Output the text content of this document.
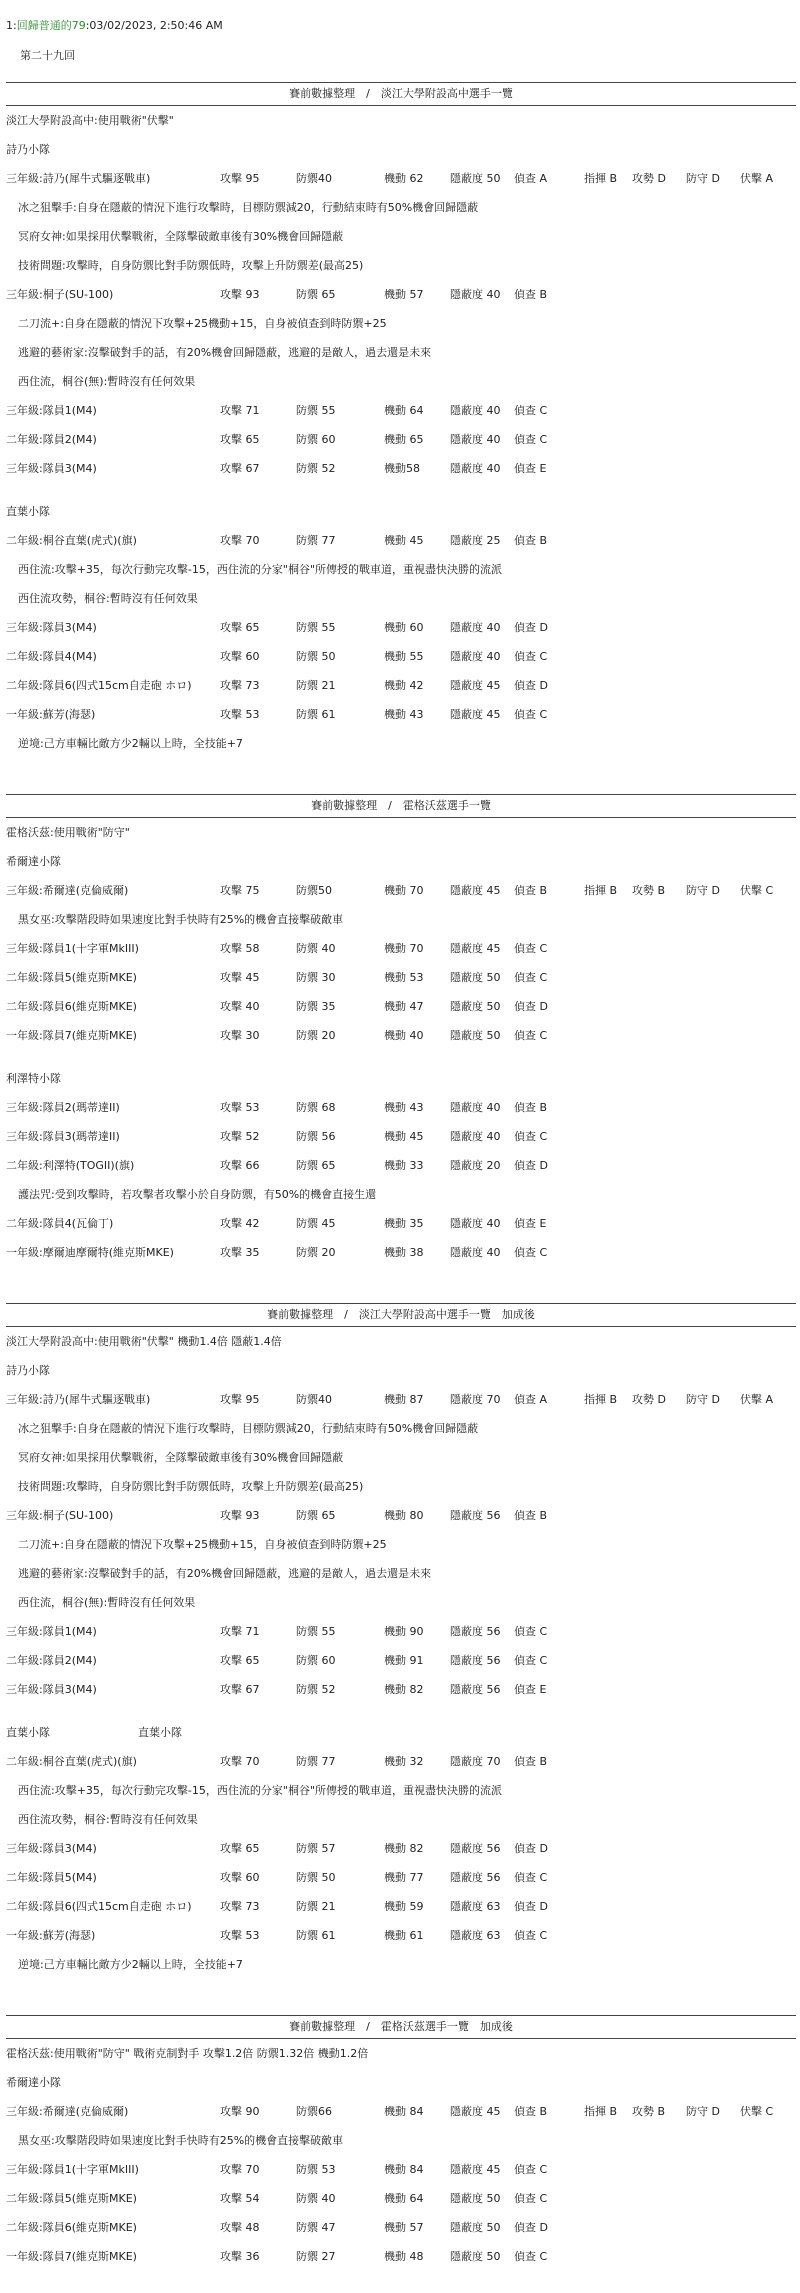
1:回歸普通的79:03/02/2023, 2:50:46 AM
第二十九回
賽前數據整理　/　淡江大學附設高中選手一覽
淡江大學附設高中:使用戰術"伏擊"
詩乃小隊
三年級:詩乃(犀牛式驅逐戰車)	攻擊 95	防禦40	機動 62 隱蔽度 50 偵查 A	指揮 B 攻勢 D 防守 D 伏擊 A
冰之狙擊手:自身在隱蔽的情況下進行攻擊時，目標防禦減20，行動結束時有50%機會回歸隱蔽
冥府女神:如果採用伏擊戰術，全隊擊破敵車後有30%機會回歸隱蔽
技術問題:攻擊時，自身防禦比對手防禦低時，攻擊上升防禦差(最高25)
三年級:桐子(SU-100)	攻擊 93	防禦 65	機動 57 隱蔽度 40 偵查 B
二刀流+:自身在隱蔽的情況下攻擊+25機動+15，自身被偵查到時防禦+25
逃避的藝術家:沒擊破對手的話，有20%機會回歸隱蔽，逃避的是敵人，過去還是未來
西住流，桐谷(無):暫時沒有任何效果
三年級:隊員1(M4)	攻擊 71	防禦 55	機動 64 隱蔽度 40 偵查 C
二年級:隊員2(M4)	攻擊 65	防禦 60	機動 65 隱蔽度 40 偵查 C
三年級:隊員3(M4)	攻擊 67	防禦 52	機動58	隱蔽度 40 偵查 E
直葉小隊
二年級:桐谷直葉(虎式)(旗)	攻擊 70	防禦 77	機動 45 隱蔽度 25 偵查 B
西住流:攻擊+35，每次行動完攻擊-15，西住流的分家"桐谷"所傳授的戰車道，重視盡快決勝的流派
西住流攻勢，桐谷:暫時沒有任何效果
三年級:隊員3(M4)	攻擊 65	防禦 55	機動 60 隱蔽度 40 偵查 D
二年級:隊員4(M4)	攻擊 60	防禦 50	機動 55 隱蔽度 40 偵查 C
二年級:隊員6(四式15cm自走砲 ホロ)	攻擊 73	防禦 21	機動 42 隱蔽度 45 偵查 D
一年級:蘇芳(海瑟)	攻擊 53	防禦 61	機動 43 隱蔽度 45 偵查 C
逆境:己方車輛比敵方少2輛以上時，全技能+7
賽前數據整理　/　霍格沃茲選手一覽
霍格沃茲:使用戰術"防守"
希爾達小隊
三年級:希爾達(克倫威爾)	攻擊 75	防禦50	機動 70 隱蔽度 45 偵查 B	指揮 B 攻勢 B 防守 D 伏擊 C
黑女巫:攻擊階段時如果速度比對手快時有25%的機會直接擊破敵車
三年級:隊員1(十字軍MkIII)	攻擊 58	防禦 40	機動 70 隱蔽度 45 偵查 C
二年級:隊員5(維克斯MKE)	攻擊 45	防禦 30	機動 53 隱蔽度 50 偵查 C
二年級:隊員6(維克斯MKE)	攻擊 40	防禦 35	機動 47 隱蔽度 50 偵查 D
一年級:隊員7(維克斯MKE)	攻擊 30	防禦 20	機動 40 隱蔽度 50 偵查 C
利澤特小隊
三年級:隊員2(瑪蒂達II)	攻擊 53	防禦 68	機動 43 隱蔽度 40 偵查 B
三年級:隊員3(瑪蒂達II)	攻擊 52	防禦 56	機動 45 隱蔽度 40 偵查 C
二年級:利澤特(TOGII)(旗)	攻擊 66	防禦 65	機動 33 隱蔽度 20 偵查 D
護法咒:受到攻擊時，若攻擊者攻擊小於自身防禦，有50%的機會直接生還
二年級:隊員4(瓦倫丁)	攻擊 42	防禦 45	機動 35 隱蔽度 40 偵查 E
一年級:摩爾迪摩爾特(維克斯MKE)	攻擊 35	防禦 20	機動 38 隱蔽度 40 偵查 C
賽前數據整理　/　淡江大學附設高中選手一覽　加成後
淡江大學附設高中:使用戰術"伏擊" 機動1.4倍 隱蔽1.4倍
詩乃小隊
三年級:詩乃(犀牛式驅逐戰車)	攻擊 95	防禦40	機動 87 隱蔽度 70 偵查 A	指揮 B 攻勢 D 防守 D 伏擊 A
冰之狙擊手:自身在隱蔽的情況下進行攻擊時，目標防禦減20，行動結束時有50%機會回歸隱蔽
冥府女神:如果採用伏擊戰術，全隊擊破敵車後有30%機會回歸隱蔽
技術問題:攻擊時，自身防禦比對手防禦低時，攻擊上升防禦差(最高25)
三年級:桐子(SU-100)	攻擊 93	防禦 65	機動 80 隱蔽度 56 偵查 B
二刀流+:自身在隱蔽的情況下攻擊+25機動+15，自身被偵查到時防禦+25
逃避的藝術家:沒擊破對手的話，有20%機會回歸隱蔽，逃避的是敵人，過去還是未來
西住流，桐谷(無):暫時沒有任何效果
三年級:隊員1(M4)	攻擊 71	防禦 55	機動 90 隱蔽度 56 偵查 C
二年級:隊員2(M4)	攻擊 65	防禦 60	機動 91 隱蔽度 56 偵查 C
三年級:隊員3(M4)	攻擊 67	防禦 52	機動 82 隱蔽度 56 偵查 E
直葉小隊　　　　　　　　直葉小隊
二年級:桐谷直葉(虎式)(旗)	攻擊 70	防禦 77	機動 32 隱蔽度 70 偵查 B
西住流:攻擊+35，每次行動完攻擊-15，西住流的分家"桐谷"所傳授的戰車道，重視盡快決勝的流派
西住流攻勢，桐谷:暫時沒有任何效果
三年級:隊員3(M4)	攻擊 65	防禦 57	機動 82 隱蔽度 56 偵查 D
二年級:隊員5(M4)	攻擊 60	防禦 50	機動 77 隱蔽度 56 偵查 C
二年級:隊員6(四式15cm自走砲 ホロ)	攻擊 73	防禦 21	機動 59 隱蔽度 63 偵查 D
一年級:蘇芳(海瑟)	攻擊 53	防禦 61	機動 61 隱蔽度 63 偵查 C
逆境:己方車輛比敵方少2輛以上時，全技能+7
賽前數據整理　/　霍格沃茲選手一覽　加成後
霍格沃茲:使用戰術"防守" 戰術克制對手 攻擊1.2倍 防禦1.32倍 機動1.2倍
希爾達小隊
三年級:希爾達(克倫威爾)	攻擊 90	防禦66	機動 84 隱蔽度 45 偵查 B	指揮 B 攻勢 B 防守 D 伏擊 C
黑女巫:攻擊階段時如果速度比對手快時有25%的機會直接擊破敵車
三年級:隊員1(十字軍MkIII)	攻擊 70	防禦 53	機動 84 隱蔽度 45 偵查 C
二年級:隊員5(維克斯MKE)	攻擊 54	防禦 40	機動 64 隱蔽度 50 偵查 C
二年級:隊員6(維克斯MKE)	攻擊 48	防禦 47	機動 57 隱蔽度 50 偵查 D
一年級:隊員7(維克斯MKE)	攻擊 36	防禦 27	機動 48 隱蔽度 50 偵查 C
